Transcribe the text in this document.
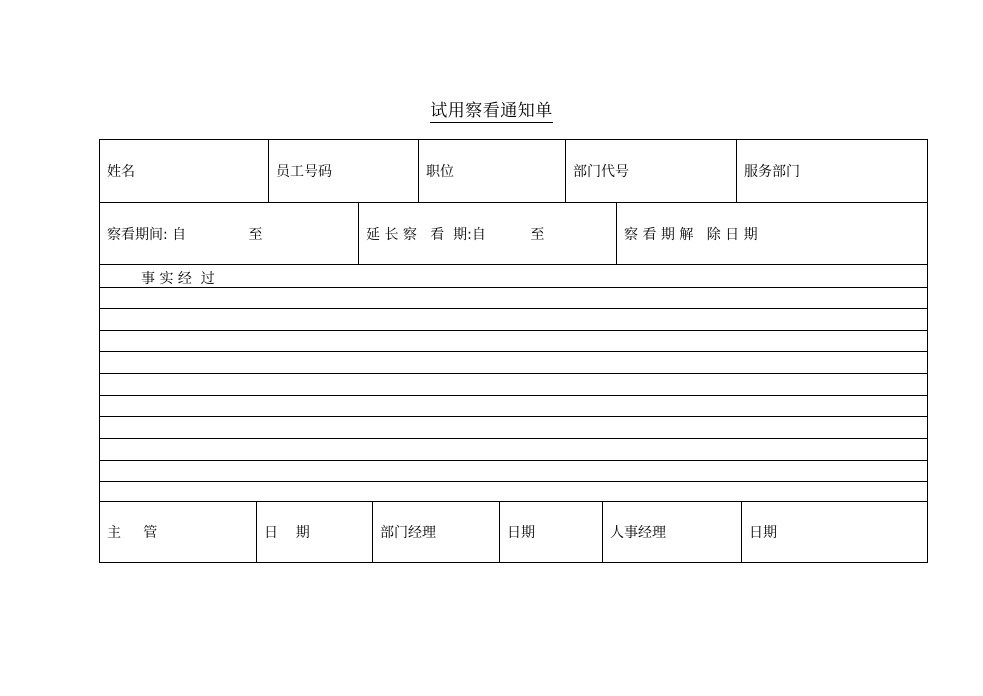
试用察看通知单
姓名	员工号码	职位	部门代号	服务部门
察看期间: 自              至	延 长 察   看  期:自          至	察 看 期 解   除 日 期
事 实 经  过
主     管	日    期	部门经理	日期	人事经理	日期
